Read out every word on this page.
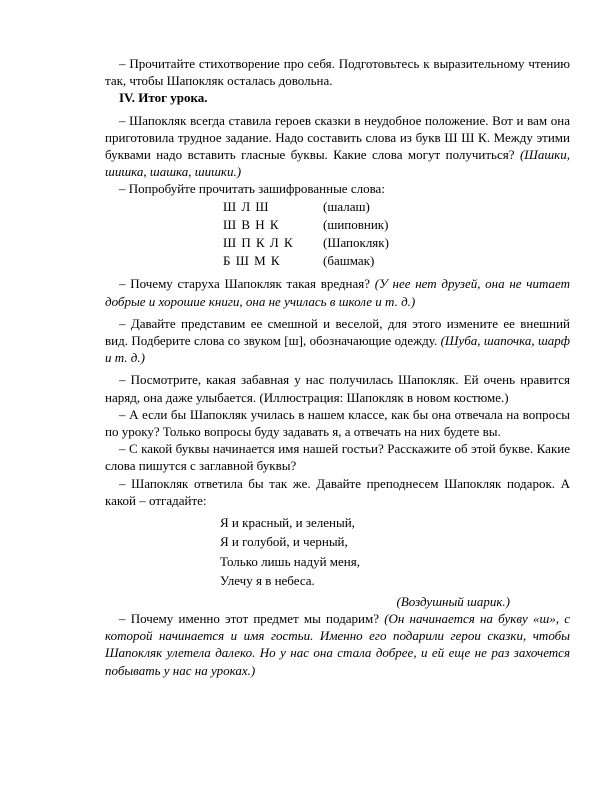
– Прочитайте стихотворение про себя. Подготовьтесь к выразительному чтению так, чтобы Шапокляк осталась довольна.

IV. Итог урока.

– Шапокляк всегда ставила героев сказки в неудобное положение. Вот и вам она приготовила трудное задание. Надо составить слова из букв Ш Ш К. Между этими буквами надо вставить гласные буквы. Какие слова могут получиться? (Шашки, шишка, шашка, шишки.)

– Попробуйте прочитать зашифрованные слова:

Ш Л Ш	(шалаш)
Ш В Н К	(шиповник)
Ш П К Л К	(Шапокляк)
Б Ш М К	(башмак)

– Почему старуха Шапокляк такая вредная? (У нее нет друзей, она не читает добрые и хорошие книги, она не училась в школе и т. д.)

– Давайте представим ее смешной и веселой, для этого измените ее внешний вид. Подберите слова со звуком [ш], обозначающие одежду. (Шуба, шапочка, шарф и т. д.)

– Посмотрите, какая забавная у нас получилась Шапокляк. Ей очень нравится наряд, она даже улыбается. (Иллюстрация: Шапокляк в новом костюме.)

– А если бы Шапокляк училась в нашем классе, как бы она отвечала на вопросы по уроку? Только вопросы буду задавать я, а отвечать на них будете вы.

– С какой буквы начинается имя нашей гостьи? Расскажите об этой букве. Какие слова пишутся с заглавной буквы?

– Шапокляк ответила бы так же. Давайте преподнесем Шапокляк подарок. А какой – отгадайте:

Я и красный, и зеленый,

Я и голубой, и черный,

Только лишь надуй меня,

Улечу я в небеса.

(Воздушный шарик.)

– Почему именно этот предмет мы подарим? (Он начинается на букву «ш», с которой начинается и имя гостьи. Именно его подарили герои сказки, чтобы Шапокляк улетела далеко. Но у нас она стала добрее, и ей еще не раз захочется побывать у нас на уроках.)
